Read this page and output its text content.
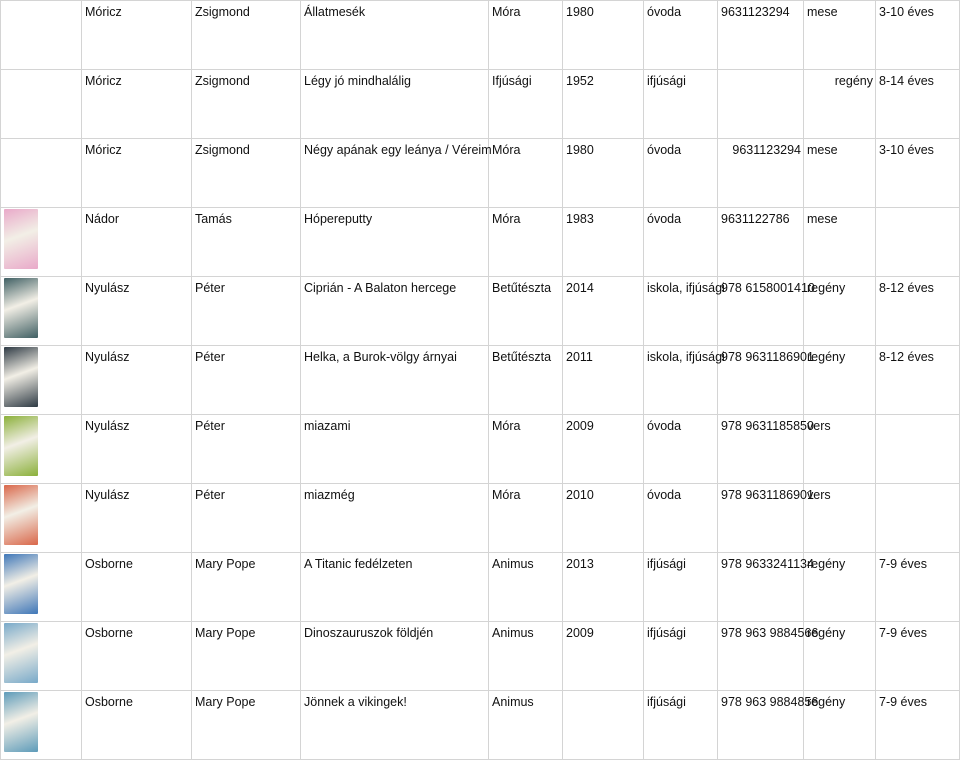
	Móricz	Zsigmond	Állatmesék	Móra	1980	óvoda	9631123294	mese	3-10 éves
	Móricz	Zsigmond	Légy jó mindhalálig	Ifjúsági	1952	ifjúsági		regény	8-14 éves
	Móricz	Zsigmond	Négy apának egy leánya / Véreim	Móra	1980	óvoda	9631123294	mese	3-10 éves

	Nádor	Tamás	Hópereputty	Móra	1983	óvoda	9631122786	mese	

	Nyulász	Péter	Ciprián - A Balaton hercege	Betűtészta	2014	iskola, ifjúsági	978 6158001410	regény	8-12 éves

	Nyulász	Péter	Helka, a Burok-völgy árnyai	Betűtészta	2011	iskola, ifjúsági	978 9631186901	regény	8-12 éves

	Nyulász	Péter	miazami	Móra	2009	óvoda	978 9631185850	vers	

	Nyulász	Péter	miazmég	Móra	2010	óvoda	978 9631186901	vers	

	Osborne	Mary Pope	A Titanic fedélzeten	Animus	2013	ifjúsági	978 9633241134	regény	7-9 éves

	Osborne	Mary Pope	Dinoszauruszok földjén	Animus	2009	ifjúsági	978 963 9884566	regény	7-9 éves

	Osborne	Mary Pope	Jönnek a vikingek!	Animus		ifjúsági	978 963 9884856	regény	7-9 éves
